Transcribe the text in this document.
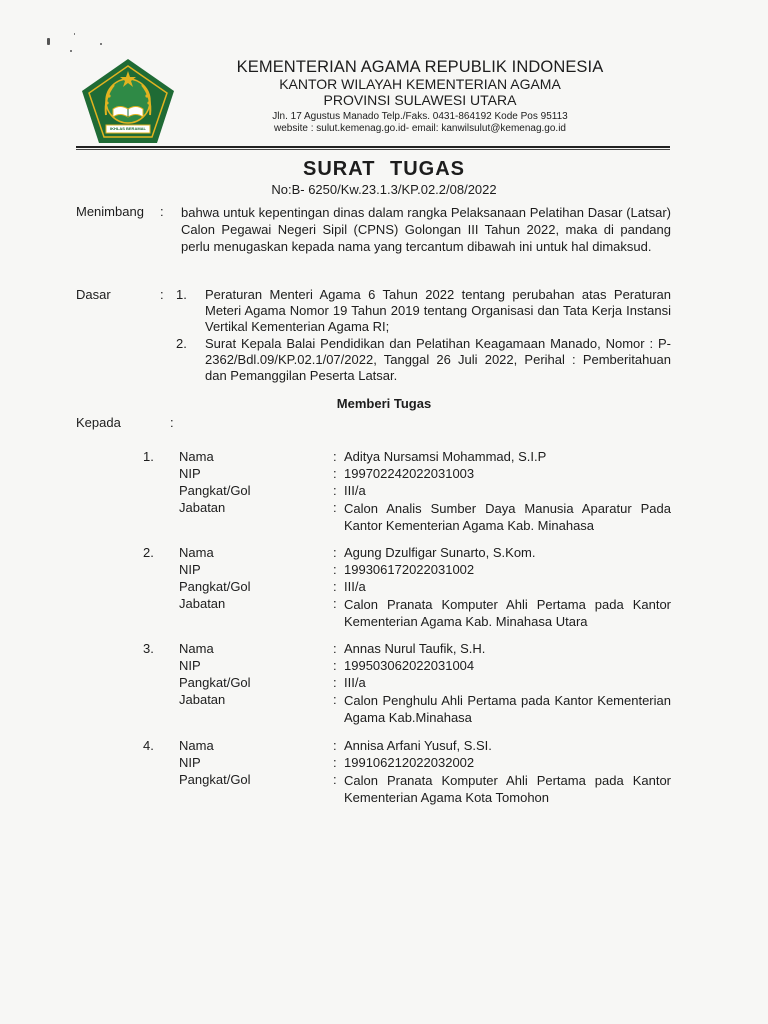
IKHLAS BERAMAL
KEMENTERIAN AGAMA REPUBLIK INDONESIA
KANTOR WILAYAH KEMENTERIAN AGAMA
PROVINSI SULAWESI UTARA
Jln. 17 Agustus Manado Telp./Faks. 0431-864192 Kode Pos 95113
website : sulut.kemenag.go.id- email: kanwilsulut@kemenag.go.id
SURAT TUGAS
No:B- 6250/Kw.23.1.3/KP.02.2/08/2022
Menimbang : bahwa untuk kepentingan dinas dalam rangka Pelaksanaan Pelatihan Dasar (Latsar) Calon Pegawai Negeri Sipil (CPNS) Golongan III Tahun 2022, maka di pandang perlu menugaskan kepada nama yang tercantum dibawah ini untuk hal dimaksud.
Dasar	: 1. Peraturan Menteri Agama 6 Tahun 2022 tentang perubahan atas Peraturan Meteri Agama Nomor 19 Tahun 2019 tentang Organisasi dan Tata Kerja Instansi Vertikal Kementerian Agama RI;
2. Surat Kepala Balai Pendidikan dan Pelatihan Keagamaan Manado, Nomor : P-2362/Bdl.09/KP.02.1/07/2022, Tanggal 26 Juli 2022, Perihal : Pemberitahuan dan Pemanggilan Peserta Latsar.
Memberi Tugas
Kepada	:
1. Nama	: Aditya Nursamsi Mohammad, S.I.P
NIP	: 199702242022031003
Pangkat/Gol	: III/a
Jabatan	: Calon Analis Sumber Daya Manusia Aparatur Pada Kantor Kementerian Agama Kab. Minahasa
2. Nama	: Agung Dzulfigar Sunarto, S.Kom.
NIP	: 199306172022031002
Pangkat/Gol	: III/a
Jabatan	: Calon Pranata Komputer Ahli Pertama pada Kantor Kementerian Agama Kab. Minahasa Utara
3. Nama	: Annas Nurul Taufik, S.H.
NIP	: 199503062022031004
Pangkat/Gol	: III/a
Jabatan	: Calon Penghulu Ahli Pertama pada Kantor Kementerian Agama Kab.Minahasa
4. Nama	: Annisa Arfani Yusuf, S.SI.
NIP	: 199106212022032002
Pangkat/Gol	: Calon Pranata Komputer Ahli Pertama pada Kantor Kementerian Agama Kota Tomohon
